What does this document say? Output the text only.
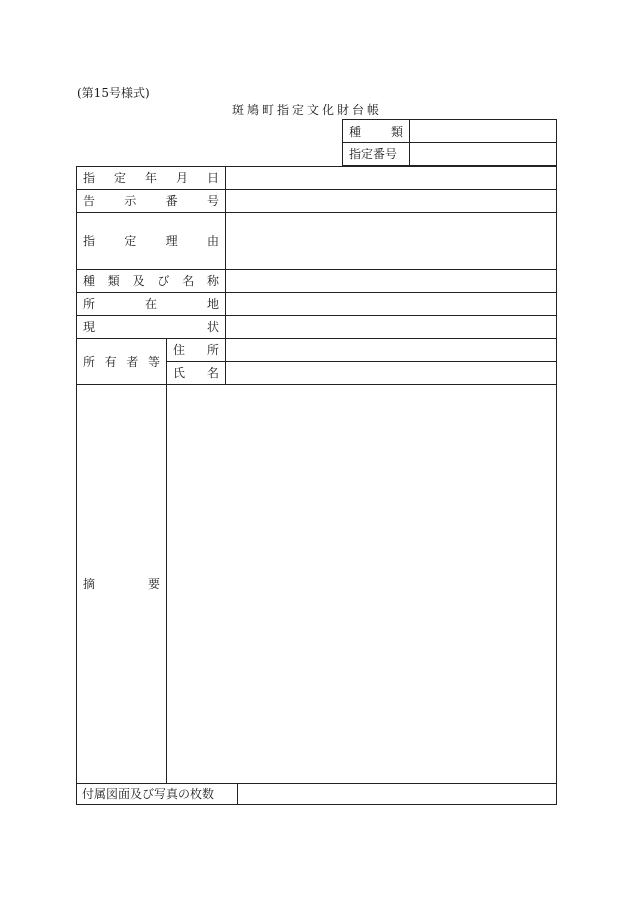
(第15号様式)
斑鳩町指定文化財台帳
種 類
指定番号
指 定 年 月 日
告 示 番 号
指 定 理 由
種 類 及 び 名 称
所	在	地
現	状
所 有 者 等
住 所
氏 名
摘	要
付属図面及び写真の枚数
